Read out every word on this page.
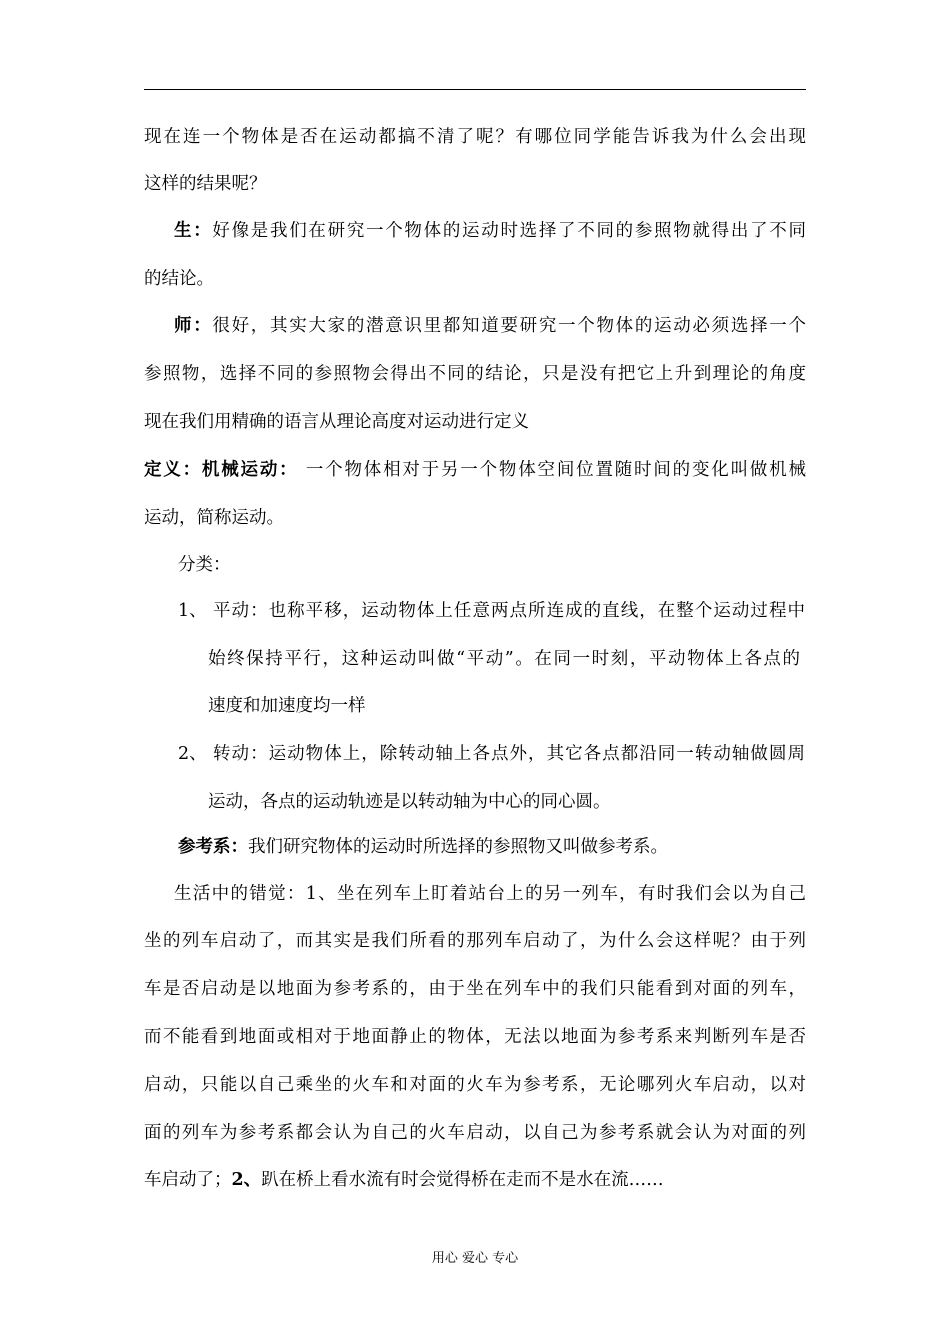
现在连一个物体是否在运动都搞不清了呢？有哪位同学能告诉我为什么会出现
这样的结果呢？
生：好像是我们在研究一个物体的运动时选择了不同的参照物就得出了不同
的结论。
师：很好，其实大家的潜意识里都知道要研究一个物体的运动必须选择一个
参照物，选择不同的参照物会得出不同的结论，只是没有把它上升到理论的角度
现在我们用精确的语言从理论高度对运动进行定义
定义：机械运动： 一个物体相对于另一个物体空间位置随时间的变化叫做机械
运动，简称运动。
分类：
1、 平动：也称平移，运动物体上任意两点所连成的直线，在整个运动过程中
始终保持平行，这种运动叫做“平动”。在同一时刻，平动物体上各点的
速度和加速度均一样
2、 转动：运动物体上，除转动轴上各点外，其它各点都沿同一转动轴做圆周
运动，各点的运动轨迹是以转动轴为中心的同心圆。
参考系：我们研究物体的运动时所选择的参照物又叫做参考系。
生活中的错觉：1、坐在列车上盯着站台上的另一列车，有时我们会以为自己
坐的列车启动了，而其实是我们所看的那列车启动了，为什么会这样呢？由于列
车是否启动是以地面为参考系的，由于坐在列车中的我们只能看到对面的列车，
而不能看到地面或相对于地面静止的物体，无法以地面为参考系来判断列车是否
启动，只能以自己乘坐的火车和对面的火车为参考系，无论哪列火车启动，以对
面的列车为参考系都会认为自己的火车启动，以自己为参考系就会认为对面的列
车启动了；2、趴在桥上看水流有时会觉得桥在走而不是水在流……
用心 爱心 专心
